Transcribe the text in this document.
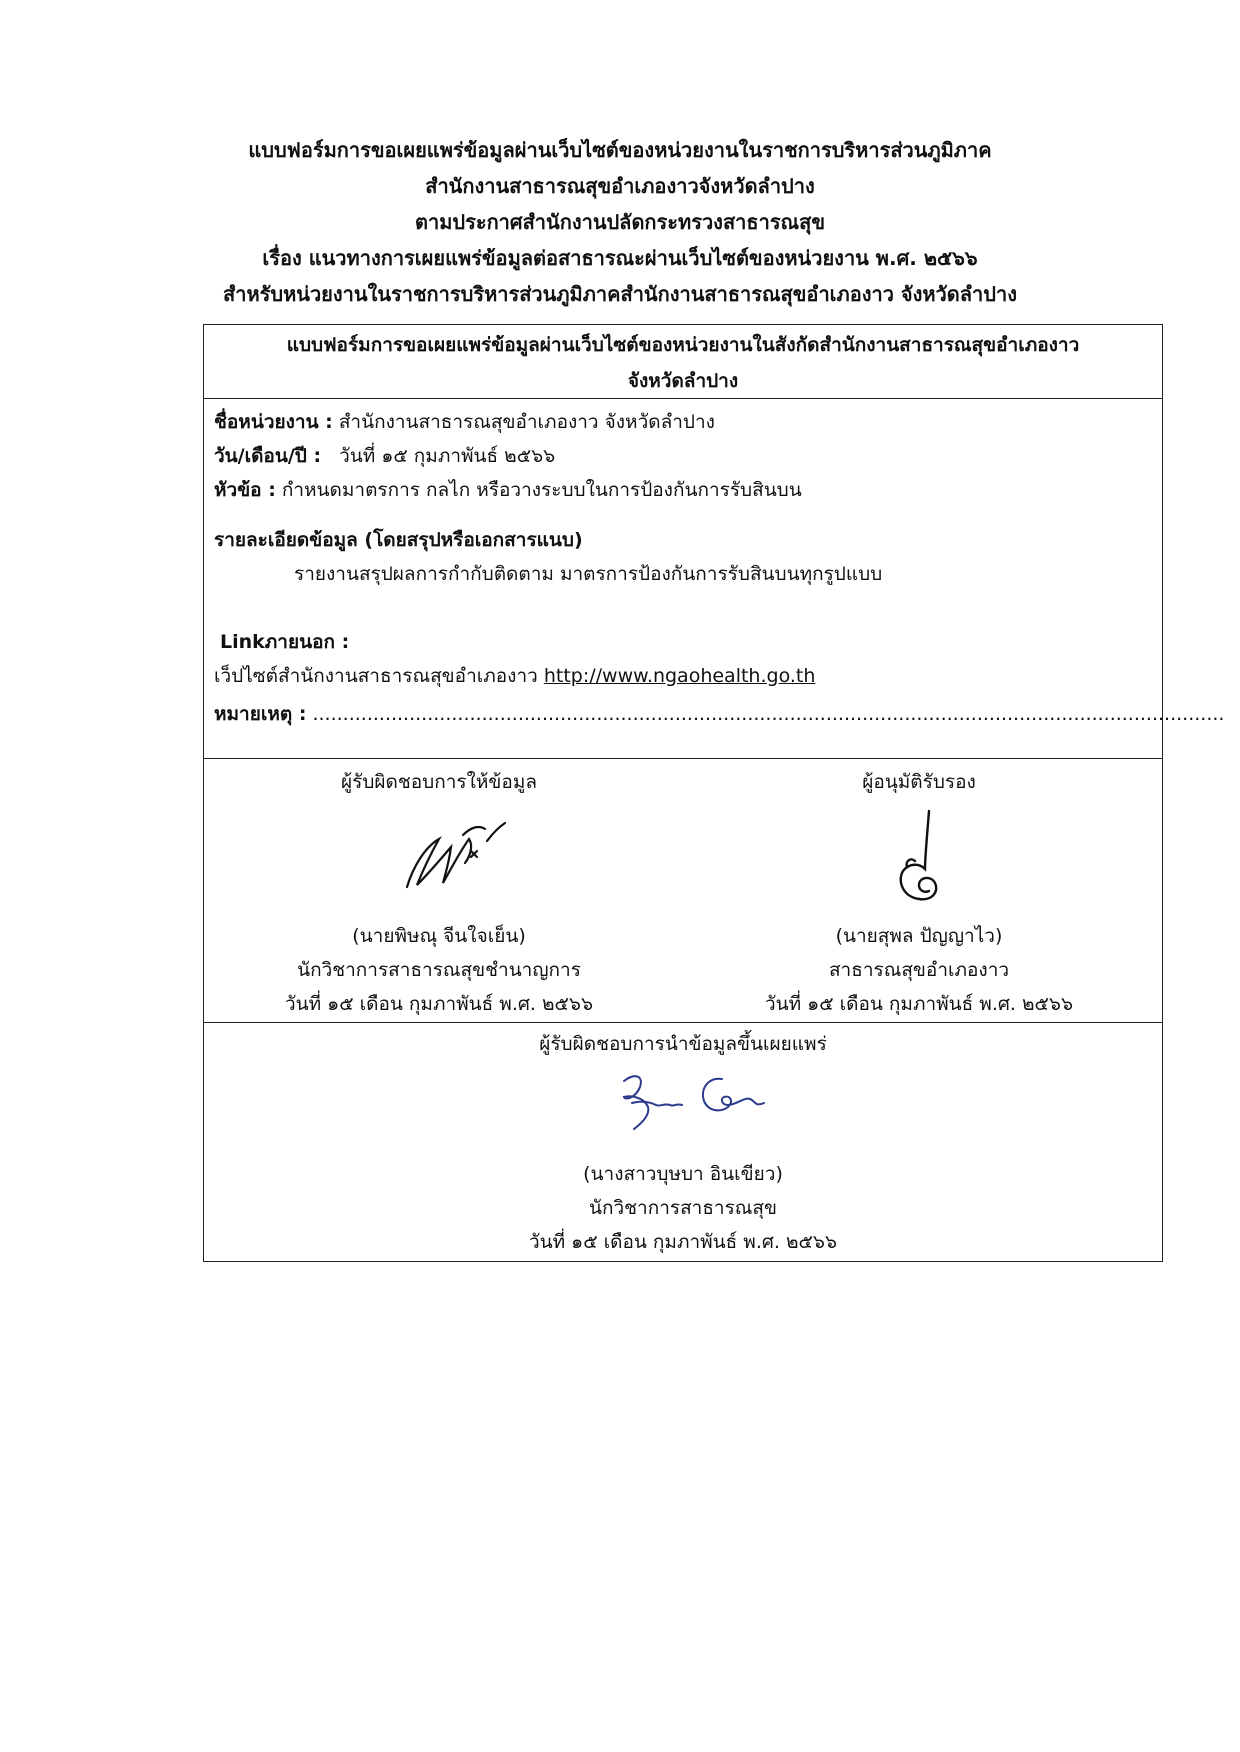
แบบฟอร์มการขอเผยแพร่ข้อมูลผ่านเว็บไซต์ของหน่วยงานในราชการบริหารส่วนภูมิภาค
สำนักงานสาธารณสุขอำเภองาวจังหวัดลำปาง
ตามประกาศสำนักงานปลัดกระทรวงสาธารณสุข
เรื่อง แนวทางการเผยแพร่ข้อมูลต่อสาธารณะผ่านเว็บไซต์ของหน่วยงาน พ.ศ. ๒๕๖๖
สำหรับหน่วยงานในราชการบริหารส่วนภูมิภาคสำนักงานสาธารณสุขอำเภองาว จังหวัดลำปาง
แบบฟอร์มการขอเผยแพร่ข้อมูลผ่านเว็บไซต์ของหน่วยงานในสังกัดสำนักงานสาธารณสุขอำเภองาว
จังหวัดลำปาง
ชื่อหน่วยงาน : สำนักงานสาธารณสุขอำเภองาว จังหวัดลำปาง
วัน/เดือน/ปี : วันที่ ๑๕ กุมภาพันธ์ ๒๕๖๖
หัวข้อ : กำหนดมาตรการ กลไก หรือวางระบบในการป้องกันการรับสินบน
รายละเอียดข้อมูล (โดยสรุปหรือเอกสารแนบ)
รายงานสรุปผลการกำกับติดตาม มาตรการป้องกันการรับสินบนทุกรูปแบบ
Linkภายนอก :
เว็ปไซต์สำนักงานสาธารณสุขอำเภองาว http://www.ngaohealth.go.th
หมายเหตุ : .......................................................................................................................................................
ผู้รับผิดชอบการให้ข้อมูล
(นายพิษณุ จีนใจเย็น)
นักวิชาการสาธารณสุขชำนาญการ
วันที่ ๑๕ เดือน กุมภาพันธ์ พ.ศ. ๒๕๖๖
ผู้อนุมัติรับรอง
(นายสุพล ปัญญาไว)
สาธารณสุขอำเภองาว
วันที่ ๑๕ เดือน กุมภาพันธ์ พ.ศ. ๒๕๖๖
ผู้รับผิดชอบการนำข้อมูลขึ้นเผยแพร่
(นางสาวบุษบา อินเขียว)
นักวิชาการสาธารณสุข
วันที่ ๑๕ เดือน กุมภาพันธ์ พ.ศ. ๒๕๖๖
